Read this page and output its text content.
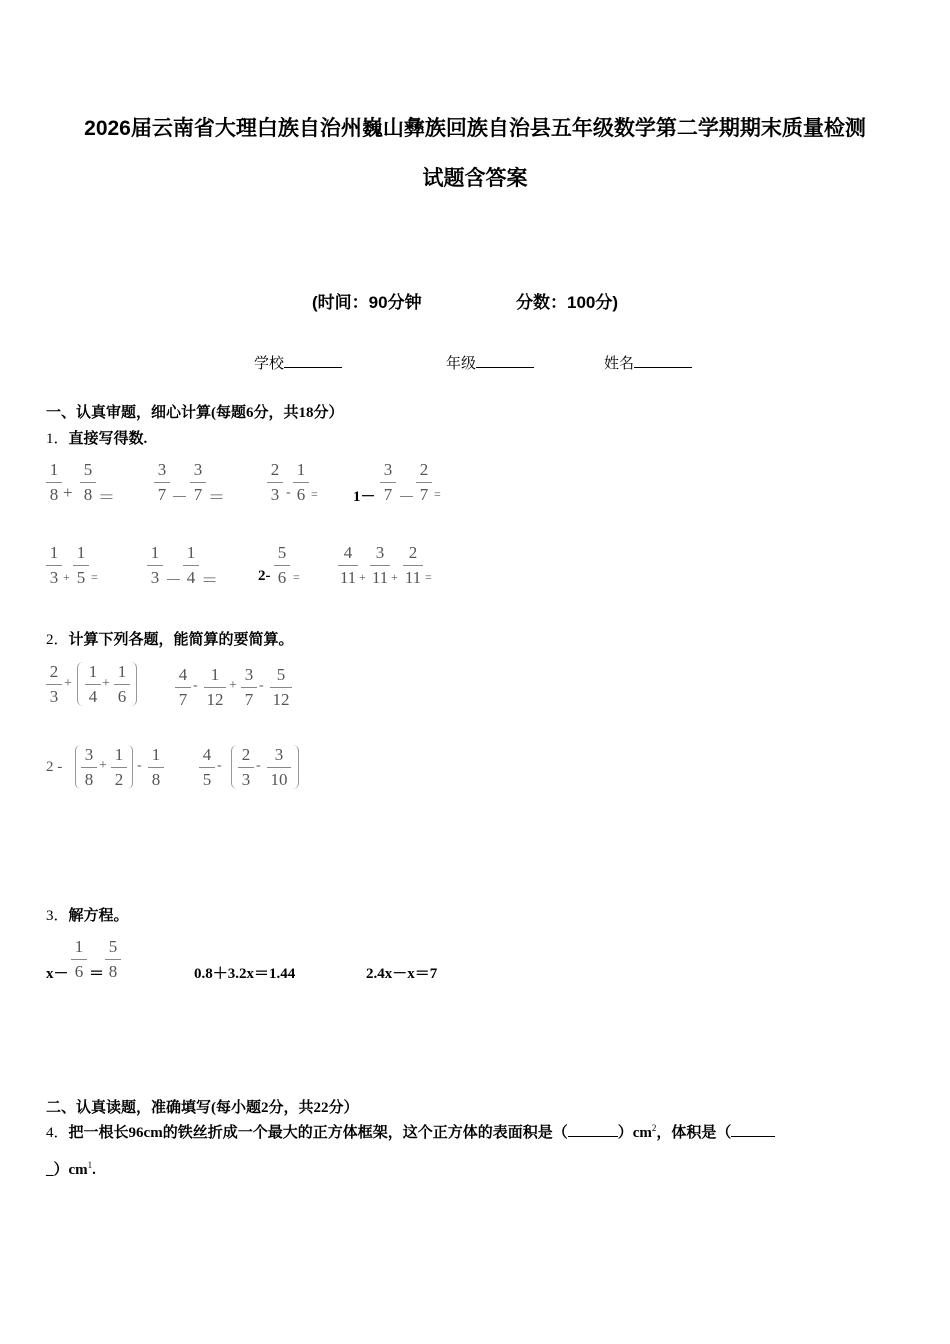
2026届云南省大理白族自治州巍山彝族回族自治县五年级数学第二学期期末质量检测
试题含答案
(时间：90分钟	分数：100分)
学校	年级	姓名
一、认真审题，细心计算(每题6分，共18分）
1．直接写得数.
1
8 +
5
8 ＝
3
7 －
3
7 ＝
2
3 -
1
6 = 1－
3
7 －
2
7 =
1
3 +
1
5 =
1
3 －
1
4 ＝	2-
5
6 =
4
11 +
3
11 +
2
11 =
2．计算下列各题，能简算的要简算。
2
3
+
1
4
+
1
6
4
7
-
1
12
+
3
7
-
5
12
2 -
3
8
+
1
2
-
1
8
4
5
-
2
3
-
3
10
3．解方程。
x－
1
6 ＝
5
8	0.8＋3.2x＝1.44	2.4x－x＝7
二、认真读题，准确填写(每小题2分，共22分）
4．把一根长96cm的铁丝折成一个最大的正方体框架，这个正方体的表面积是（	）$cm^2$，体积是（
$\_)cm^1$.
